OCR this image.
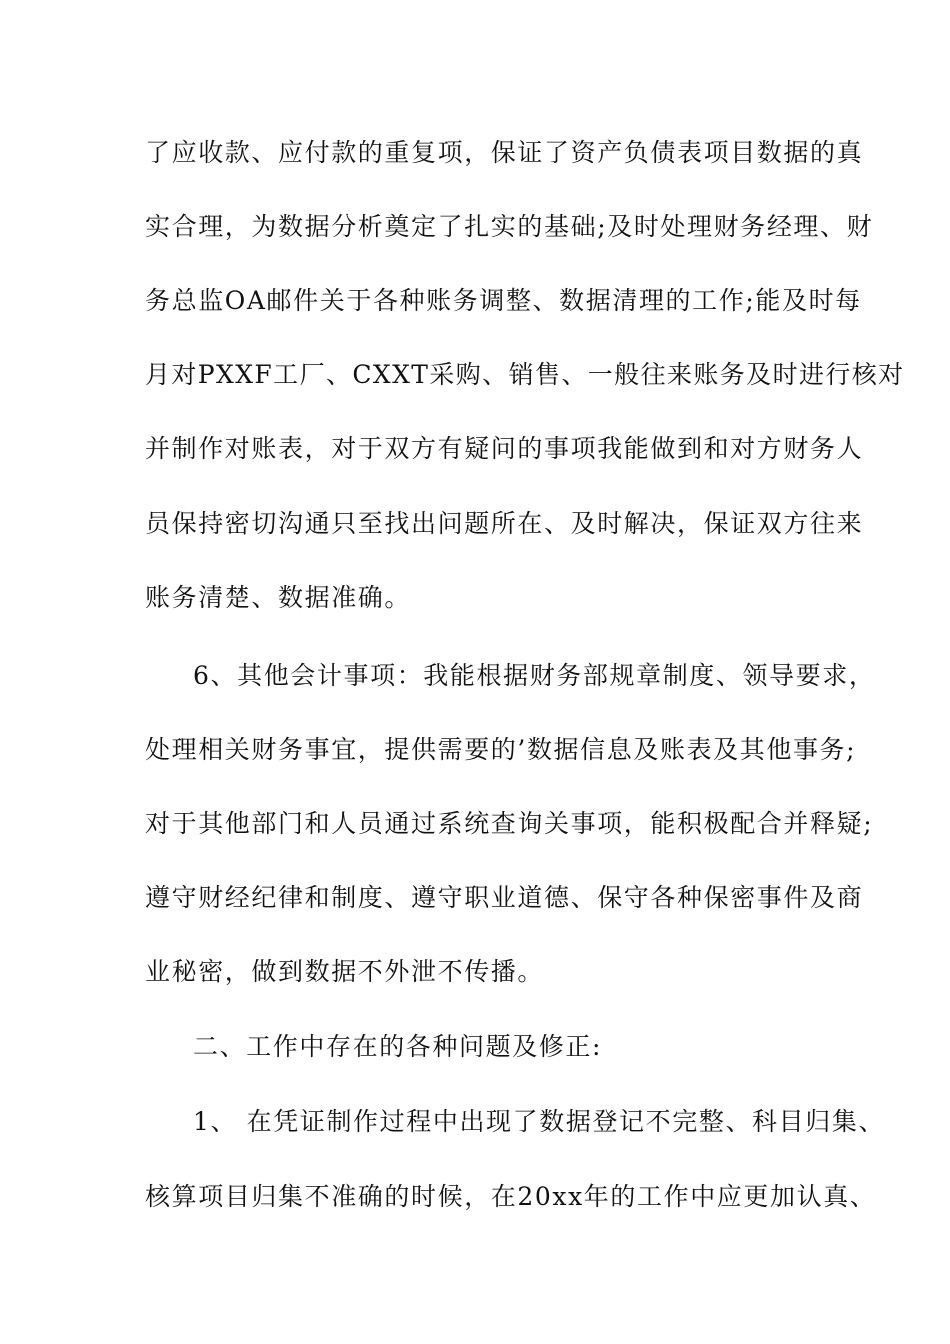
了应收款、应付款的重复项，保证了资产负债表项目数据的真
实合理，为数据分析奠定了扎实的基础;及时处理财务经理、财
务总监OA邮件关于各种账务调整、数据清理的工作;能及时每
月对PXXF工厂、CXXT采购、销售、一般往来账务及时进行核对
并制作对账表，对于双方有疑问的事项我能做到和对方财务人
员保持密切沟通只至找出问题所在、及时解决，保证双方往来
账务清楚、数据准确。
6、其他会计事项：我能根据财务部规章制度、领导要求，
处理相关财务事宜，提供需要的’数据信息及账表及其他事务;
对于其他部门和人员通过系统查询关事项，能积极配合并释疑;
遵守财经纪律和制度、遵守职业道德、保守各种保密事件及商
业秘密，做到数据不外泄不传播。
二、工作中存在的各种问题及修正:
1、 在凭证制作过程中出现了数据登记不完整、科目归集、
核算项目归集不准确的时候，在20xx年的工作中应更加认真、
